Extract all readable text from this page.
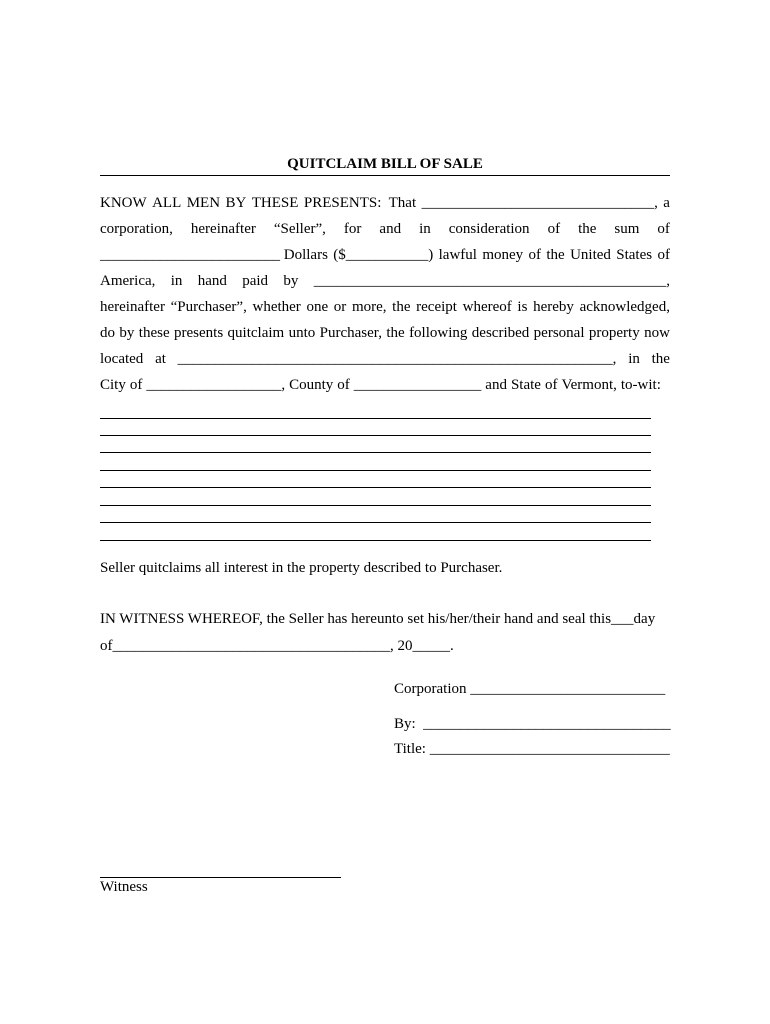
QUITCLAIM BILL OF SALE
KNOW ALL MEN BY THESE PRESENTS:  That _______________________________, a
corporation, hereinafter “Seller”, for and in consideration of the sum of
________________________ Dollars ($___________) lawful money of the United States of
America, in hand paid by _______________________________________________,
hereinafter “Purchaser”, whether one or more, the receipt whereof is hereby acknowledged,
do by these presents quitclaim unto Purchaser, the following described personal property now
located at __________________________________________________________, in the
City of __________________, County of _________________ and State of Vermont, to-wit:
Seller quitclaims all interest in the property described to Purchaser.
IN WITNESS WHEREOF, the Seller has hereunto set his/her/their hand and seal this___day
of_____________________________________, 20_____.
Corporation __________________________
By:  _________________________________
Title: ________________________________
Witness
